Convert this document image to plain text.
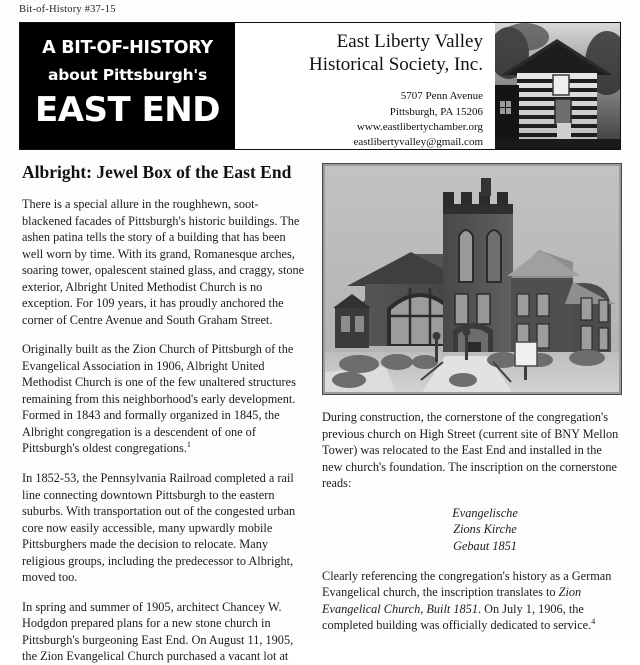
Bit-of-History #37-15
A BIT-OF-HISTORY
about Pittsburgh's
EAST END
East Liberty Valley
Historical Society, Inc.
5707 Penn Avenue
Pittsburgh, PA 15206
www.eastlibertychamber.org
eastlibertyvalley@gmail.com
Albright: Jewel Box of the East End

There is a special allure in the roughhewn, soot-blackened facades of Pittsburgh's historic buildings. The ashen patina tells the story of a building that has been well worn by time. With its grand, Romanesque arches, soaring tower, opalescent stained glass, and craggy, stone exterior, Albright United Methodist Church is no exception. For 109 years, it has proudly anchored the corner of Centre Avenue and South Graham Street.

Originally built as the Zion Church of Pittsburgh of the Evangelical Association in 1906, Albright United Methodist Church is one of the few unaltered structures remaining from this neighborhood's early development. Formed in 1843 and formally organized in 1845, the Albright congregation is a descendent of one of Pittsburgh's oldest congregations.$^1$

In 1852-53, the Pennsylvania Railroad completed a rail line connecting downtown Pittsburgh to the eastern suburbs. With transportation out of the congested urban core now easily accessible, many upwardly mobile Pittsburghers made the decision to relocate. Many religious groups, including the predecessor to Albright, moved too.

In spring and summer of 1905, architect Chancey W. Hodgdon prepared plans for a new stone church in Pittsburgh's burgeoning East End. On August 11, 1905, the Zion Evangelical Church purchased a vacant lot at

During construction, the cornerstone of the congregation's previous church on High Street (current site of BNY Mellon Tower) was relocated to the East End and installed in the new church's foundation. The inscription on the cornerstone reads:

Evangelische
Zions Kirche
Gebaut 1851

Clearly referencing the congregation's history as a German Evangelical church, the inscription translates to Zion Evangelical Church, Built 1851. On July 1, 1906, the completed building was officially dedicated to service.$^4$
